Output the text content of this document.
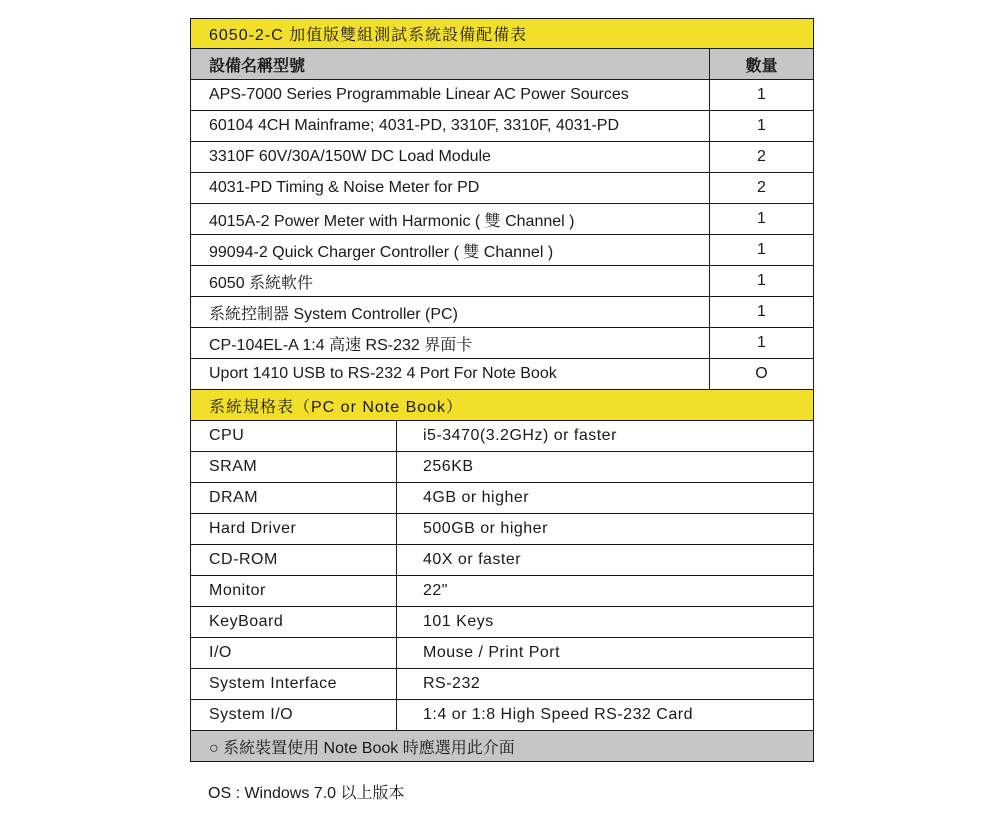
6050-2-C 加值版雙組測試系統設備配備表
設備名稱型號	數量
APS-7000 Series Programmable Linear AC Power Sources	1
60104 4CH Mainframe; 4031-PD, 3310F, 3310F, 4031-PD	1
3310F 60V/30A/150W DC Load Module	2
4031-PD Timing & Noise Meter for PD	2
4015A-2 Power Meter with Harmonic ( 雙 Channel )	1
99094-2 Quick Charger Controller ( 雙 Channel )	1
6050 系統軟件	1
系統控制器 System Controller (PC)	1
CP-104EL-A 1:4 高速 RS-232 界面卡	1
Uport 1410 USB to RS-232 4 Port For Note Book	O
系統規格表（PC or Note Book）
CPU	i5-3470(3.2GHz) or faster
SRAM	256KB
DRAM	4GB or higher
Hard Driver	500GB or higher
CD-ROM	40X or faster
Monitor	22"
KeyBoard	101 Keys
I/O	Mouse / Print Port
System Interface	RS-232
System I/O	1:4 or 1:8 High Speed RS-232 Card
○ 系統裝置使用 Note Book 時應選用此介面
OS : Windows 7.0 以上版本
